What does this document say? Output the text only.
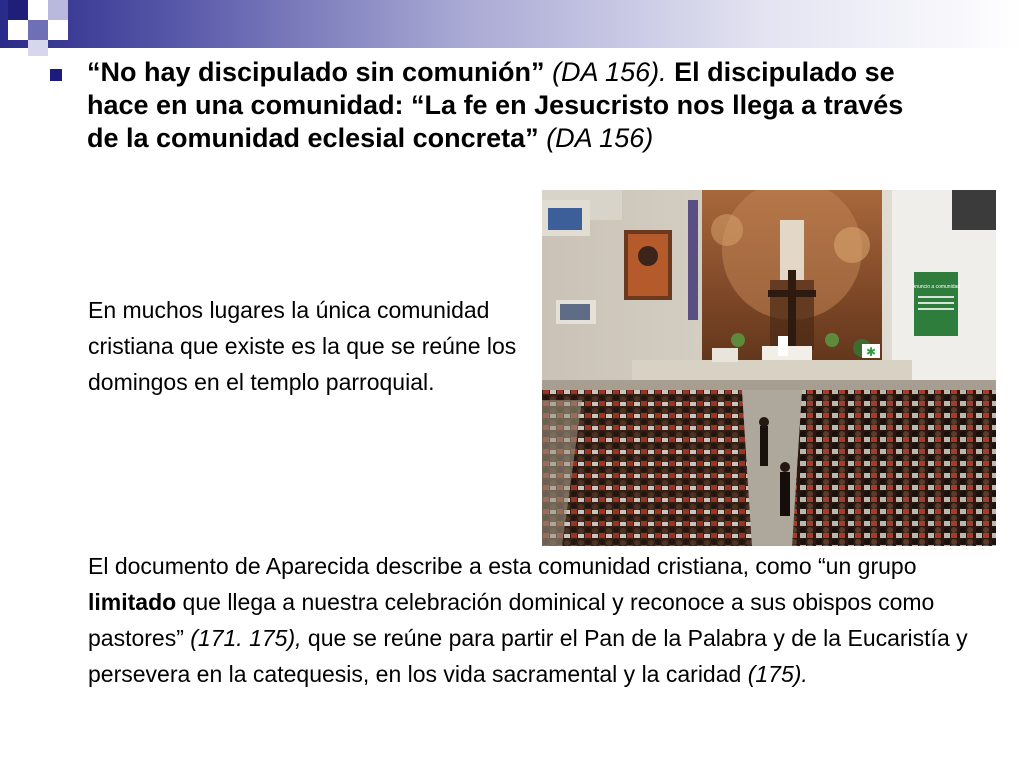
“No hay discipulado sin comunión” (DA 156). El discipulado se hace en una comunidad: “La fe en Jesucristo nos llega a través de la comunidad eclesial concreta” (DA 156)
En muchos lugares la única comunidad cristiana que existe es la que se reúne los domingos en el templo parroquial.
Anuncio a comunidad
✱
El documento de Aparecida describe a esta comunidad cristiana, como “un grupo limitado que llega a nuestra celebración dominical y reconoce a sus obispos como pastores” (171. 175), que se reúne para partir el Pan de la Palabra y de la Eucaristía y persevera en la catequesis, en los vida sacramental y la caridad (175).
